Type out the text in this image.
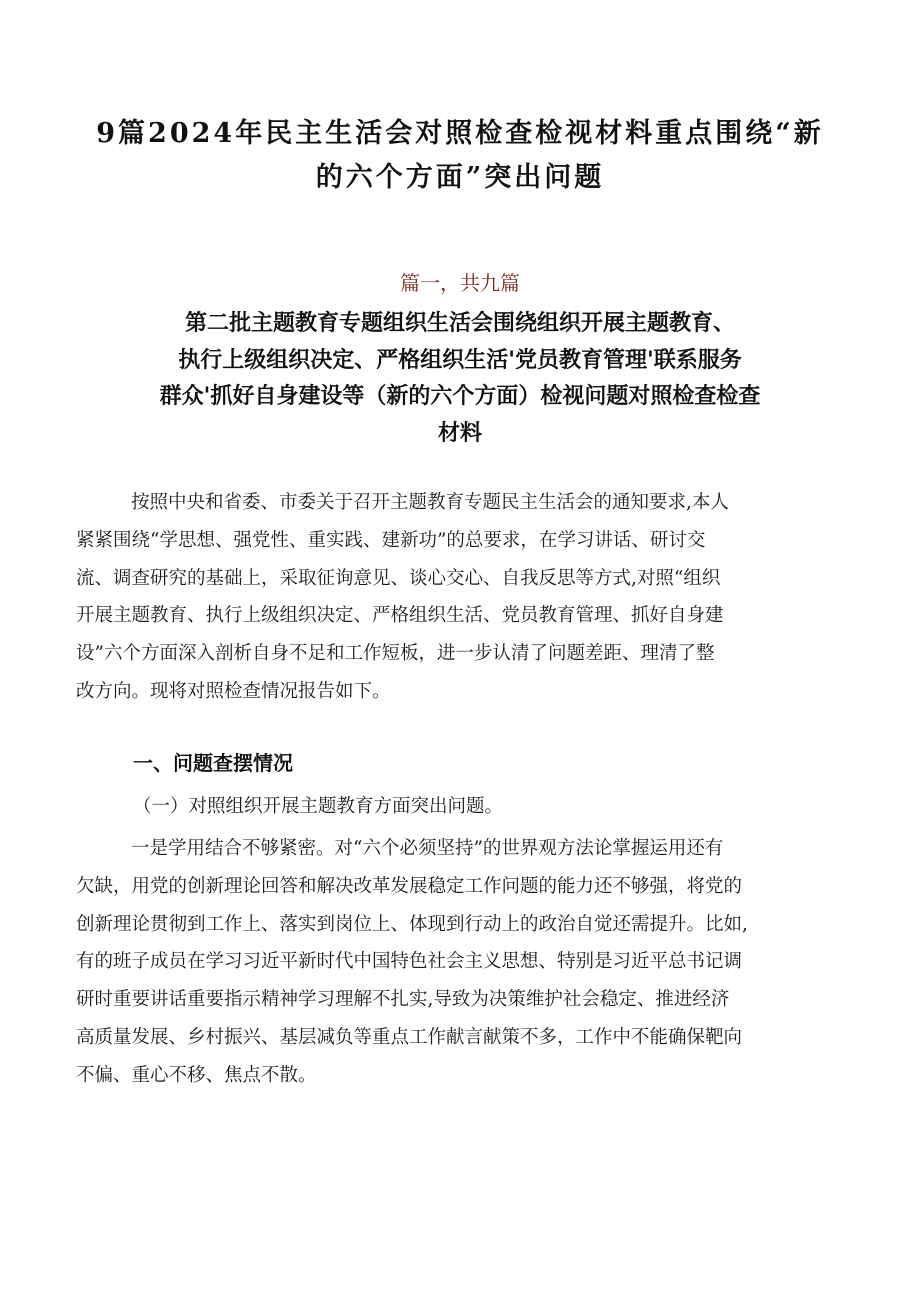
9篇2024年民主生活会对照检查检视材料重点围绕“新
的六个方面”突出问题
篇一，共九篇
第二批主题教育专题组织生活会围绕组织开展主题教育、
执行上级组织决定、严格组织生活'党员教育管理'联系服务
群众'抓好自身建设等（新的六个方面）检视问题对照检查检查
材料
按照中央和省委、市委关于召开主题教育专题民主生活会的通知要求,本人
紧紧围绕“学思想、强党性、重实践、建新功”的总要求，在学习讲话、研讨交
流、调查研究的基础上，采取征询意见、谈心交心、自我反思等方式,对照“组织
开展主题教育、执行上级组织决定、严格组织生活、党员教育管理、抓好自身建
设”六个方面深入剖析自身不足和工作短板，进一步认清了问题差距、理清了整
改方向。现将对照检查情况报告如下。
一、问题查摆情况
（一）对照组织开展主题教育方面突出问题。
一是学用结合不够紧密。对“六个必须坚持”的世界观方法论掌握运用还有
欠缺，用党的创新理论回答和解决改革发展稳定工作问题的能力还不够强，将党的
创新理论贯彻到工作上、落实到岗位上、体现到行动上的政治自觉还需提升。比如,
有的班子成员在学习习近平新时代中国特色社会主义思想、特别是习近平总书记调
研时重要讲话重要指示精神学习理解不扎实,导致为决策维护社会稳定、推进经济
高质量发展、乡村振兴、基层减负等重点工作献言献策不多，工作中不能确保靶向
不偏、重心不移、焦点不散。
